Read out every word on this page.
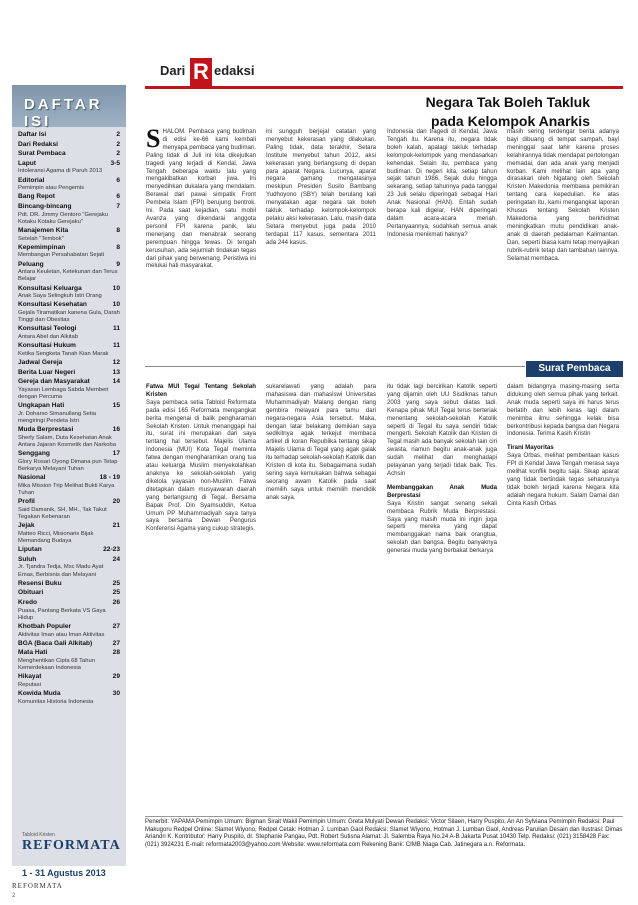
DAFTAR ISI
Daftar Isi	2
Dari Redaksi	2
Surat Pembaca	2
Laput	3-5
Intoleransi Agama di Paruh 2013
Editorial	6
Pemimpin atau Pengemis
Bang Repot	6
Bincang-bincang	7
Pdt. DR. Jimmy Oentoro "Gerejaku Kotaku Kotaku Gerejaku"
Manajemen Kita	8
Setelah "Tembok"
Kepemimpinan	8
Membangun Persahabatan Sejati
Peluang	9
Antara Keuletan, Ketekunan dan Terus Belajar
Konsultasi Keluarga	10
Anak Saya Selingkuh Istri Orang
Konsultasi Kesehatan	10
Gejala Tiramatikan kanena Gula, Darah Tinggi dan Obesitas
Konsultasi Teologi	11
Antara Abel dan Alkitab
Konsultasi Hukum	11
Ketika Sengketa Tanah Kian Marak
Jadwal Gereja	12
Berita Luar Negeri	13
Gereja dan Masyarakat	14
Yayasan Lembaga Sabda Memberi dengan Percuma
Ungkapan Hati	15
Jr. Doharso Simanullang Setia mengiringi Pendeta Istri
Muda Berprestasi	16
Sherly Salam, Duta Kesehatan Anak Antara Jajaran Kosmetik dan Narkoba
Senggang	17
Glory Rosari Oyong Dimana pun Tetap Berkarya Melayani Tuhan
Nasional	18 - 19
Mika Mission Trip Melihat Bukti Karya Tuhan
Profil	20
Said Damanik, SH, MH., Tak Takut Tegakan Kebenaran
Jejak	21
Matteo Ricci, Misionaris Bijak Memandang Budaya
Liputan	22-23
Suluh	24
Jr. Tjandra Tedja, Msc Madu Ayat Emas, Berbisnis dan Melayani
Resensi Buku	25
Obituari	25
Kredo	26
Puasa, Pantang Berkata VS Gaya Hidup
Khotbah Populer	27
Aktivitas Iman atau Iman Aktivitas
BGA (Baca Gali Alkitab)	27
Mata Hati	28
Menghentikan Cipta 68 Tahun Kemerdekaan Indonesia
Hikayat	29
Reputasi
Kowida Muda	30
Komunitas Historia Indonesia
Tabloid Kristen
REFORMATA
1 - 31 Agustus 2013
REFORMATA
Dari R edaksi
Negara Tak Boleh Takluk
pada Kelompok Anarkis
SHALOM. Pembaca yang budiman di edisi ke-66 kami kembali menyapa pembaca yang budiman. Paling tidak di Juli ini kita dikejutkan tragedi yang terjadi di Kendal, Jawa Tengah beberapa waktu lalu yang mengakibatkan korban jiwa. Ini menyedihkan dukalara yang mendalam. Berawal dari pawai simpatik Front Pembela Islam (FPI) berujung bentrok. Ini. Pada saat kejadian, satu mobil Avanza yang dikendarai anggota personil FPI karena panik, lalu menerjang dan menabrak seorang perempuan hingga tewas. Di tengah kerusuhan, ada sejumlah tindakan tegas dari pihak yang berwenang. Peristiwa ini melukai hati masyarakat.
ini sungguh berjejal catatan yang menyebut kekerasan yang dilakukan. Paling tidak, data terakhir, Setara Institute menyebut tahun 2012, aksi kekerasan yang berlangsung di depan para aparat Negara. Lucunya, aparat negara gamang mengatasinya meskipun Presiden Susilo Bambang Yudhoyono (SBY) telah berulang kali menyatakan agar negara tak boleh takluk terhadap kelompok-kelompok pelaku aksi kekerasan. Lalu, masih data Setara menyebut juga pada 2010 terdapat 117 kasus, sementara 2011 ada 244 kasus.
Indonesia dan tragedi di Kendal, Jawa Tengah itu. Karena itu, negara tidak boleh kalah, apalagi takluk terhadap kelompok-kelompok yang mendasarkan kehendak. Selain itu, pembaca yang budiman. Di negeri kita, setiap tahun sejak tahun 1986. Sejak dulu hingga sekarang, setiap tahunnya pada tanggal 23 Juli selalu diperingati sebagai Hari Anak Nasional (HAN). Entah sudah berapa kali digelar, HAN diperingati dalam acara-acara meriah. Pertanyaannya, sudahkah semua anak Indonesia menikmati haknya?
masih sering terdengar berita adanya bayi dibuang di tempat sampah, bayi meninggal saat lahir karena proses kelahirannya tidak mendapat pertolongan memadai, dan ada anak yang menjadi korban. Kami melihat lain apa yang dirasakan oleh Ngatang oleh Sekolah Kristen Makedonia membawa pemikiran tentang cara kepedulian. Ke atas peringatan itu, kami mengangkat laporan Khusus tentang Sekolah Kristen Makedonia yang berkhidmat meningkatkan mutu pendidikan anak-anak di daerah pedalaman Kalimantan. Dan, seperti biasa kami tetap menyajikan rubrik-rubrik tetap dan tambahan lainnya. Selamat membaca.
Surat Pembaca
Fatwa MUI Tegal Tentang Sekolah Kristen
Saya pembaca setia Tabloid Reformata pada edisi 165 Reformata mengangkat berita mengenai di balik pengharaman Sekolah Kristen. Untuk menanggapi hal itu, surat ini merupakan dari saya tentang hal tersebut. Majelis Ulama Indonesia (MUI) Kota Tegal meminta fatwa dengan mengharamkan orang tua atau keluarga Muslim menyekolahkan anaknya ke sekolah-sekolah yang dikelola yayasan non-Muslim. Fatwa ditetapkan dalam musyawarah daerah yang berlangsung di Tegal. Bersama Bapak Prof. Din Syamsuddin, Ketua Umum PP Muhammadiyah saya tanya saya bersama Dewan Pengurus Konferensi Agama yang cukup strategis.
sukarelawati yang adalah para mahasiswa dan mahasiswi Universitas Muhammadiyah Malang dengan riang gembira melayani para tamu dari negara-negara Asia tersebut. Maka, dengan latar belakang demikian saya sedikitnya agak terkejut membaca artikel di koran Republika tentang sikap Majelis Ulama di Tegal yang agak galak itu terhadap sekolah-sekolah Katolik dan Kristen di kota itu. Sebagaimana sudah sering saya kemukakan bahwa sebagai seorang awam Katolik pada saat memilih saya untuk memilih mendidik anak saya.
itu tidak lagi bercirikan Katolik seperti yang dijamin oleh UU Sisdiknas tahun 2003 yang saya sebut diatas tadi. Kenapa pihak MUI Tegal terus berteriak menentang sekolah-sekolah Katolik seperti di Tegal itu saya sendiri tidak mengerti. Sekolah Katolik dan Kristen di Tegal masih ada banyak sekolah lain ciri swasta, namun begitu anak-anak juga sudah melihat dan menghadapi pelayanan yang terjadi tidak baik. Tks. Achsin
Membanggakan Anak Muda Berprestasi
Saya Kristin sangat senang sekali membaca Rubrik Muda Berprestasi. Saya yang masih muda ini ingin juga seperti mereka yang dapat membanggakan nama baik orangtua, sekolah dan bangsa. Begitu banyaknya generasi muda yang berbakat berkarya
dalam bidangnya masing-masing serta didukung oleh semua pihak yang terkait. Anak muda seperti saya ini harus terus berlatih dan lebih keras lagi dalam menimba ilmu sehingga kelak bisa berkontribusi kepada bangsa dan Negara Indonesia. Terima Kasih Kristin
Tirani Mayoritas
Saya Orbas, melihat pemberitaan kasus FPI di Kendal Jawa Tengah merasa saya melihat konflik begitu saja. Sikap aparat yang tidak bertindak tegas seharusnya tidak boleh terjadi karena Negara kita adalah negara hukum. Salam Damai dan Cinta Kasih Orbas
Penerbit: YAPAMA Pemimpin Umum: Bigman Sirait Wakil Pemimpin Umum: Greta Mulyati Dewan Redaksi: Victor Silaen, Harry Puspito, An An Sylviana Pemimpin Redaksi: Paul Makugoru Redpel Online: Slamet Wiyono, Redpel Cetak: Hotman J. Lumban Gaol Redaksi: Slamet Wiyono, Hotman J. Lumban Gaol, Andreas Parulian Desain dan Ilustrasi: Dimas Ariandri K. Kontributor: Harry Puspito, dr. Stephanie Pangau, Pdt. Robert Sutisna Alamat: Jl. Salemba Raya No.24 A-B Jakarta Pusat 10430 Telp. Redaksi: (021) 3158428 Fax: (021) 3924231 E-mail: reformata2003@yahoo.com Website: www.reformata.com Rekening Bank: CIMB Niaga Cab. Jatinegara a.n. Reformata.
2
